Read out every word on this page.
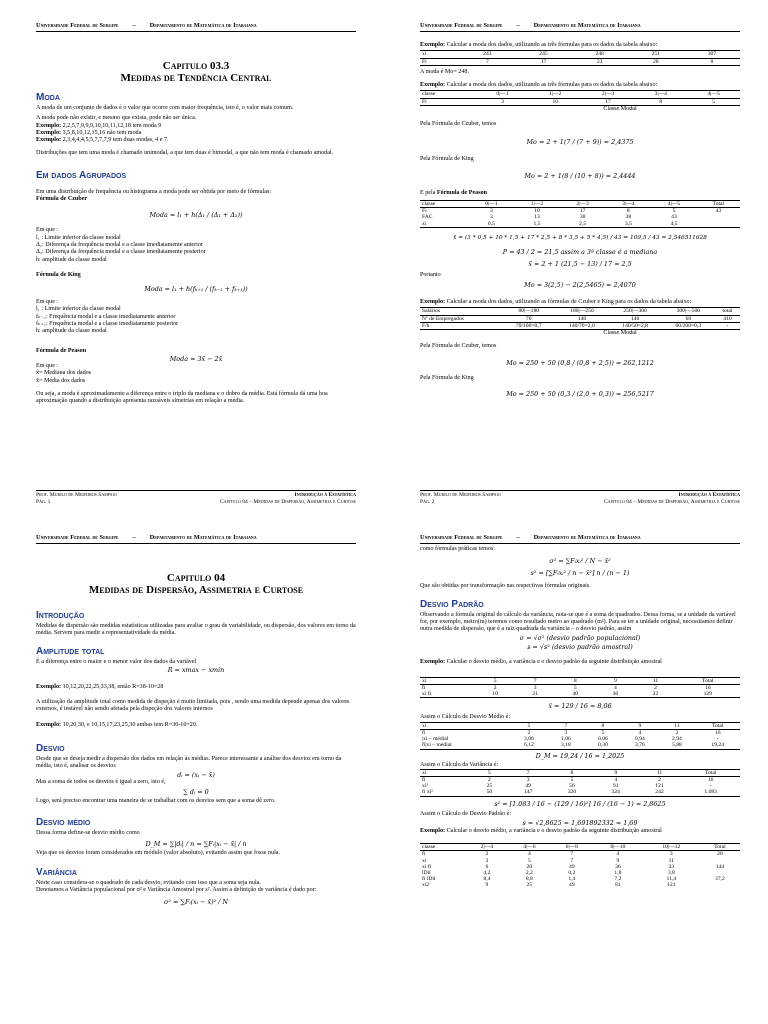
Universidade Federal de Sergipe – Departamento de Matemática de Itabaiana
Capitulo 03.3
Medidas de Tendência Central
Moda

A moda de um conjunto de dados é o valor que ocorre com maior frequência, isto é, o valor mais comum.

A moda pode não existir, e mesmo que exista, pode não ser única.

Exemplo: 2,2,5,7,9,9,9,10,10,11,12,18 tem moda 9

Exemplo: 3,5,8,10,12,15,16 não tem moda

Exemplo: 2,3,4,4,4,5,5,7,7,7,9 tem duas modas, 4 e 7.

Distribuções que tem uma moda é chamado unimodal, a que tem duas é bimodal, a que não tem moda é chamado amodal.

Em dados Agrupados

Em uma distribuição de frequência ou histograma a moda pode ser obtida por meio de fórmulas:

Fórmula de Czuber

Moda = l₁ + h(Δ₁ / (Δ₁ + Δ₂))

Em que :

l₁ : Limite inferior da classe modal

Δ₁: Diferença da frequência modal e a classe imediatamente anterior

Δ₂: Diferença da frequência modal e a classe imediatamente posterior

h: amplitude da classe modal

Fórmula de King

Moda = l₁ + h(fₖ₊₁ / (fₖ₋₁ + fₖ₊₁))

Em que :

l₁ : Limite inferior da classe modal

fₖ₋₁: Frequência modal e a classe imediatamente anterior

fₖ₊₁: Frequência modal e a classe imediatamente posterior

h: amplitude da classe modal

Fórmula de Peason

Moda = 3x̃ − 2x̄

Em que :

x̃= Mediana dos dados

x̄= Média dos dados

Ou seja, a moda é aproximadamente a diferença entre o triplo da mediana e o dobro da média. Está fórmula dá uma boa aproximação quando a distribuição apresenta razoáveis simetrias em relação a média.

Prof. Murilo de Medeiros Sampaio	Introdução à Estatística
Pág. 1	Capitulo 04 – Medidas de Dispersão, Assimetria e Curtose
Universidade Federal de Sergipe – Departamento de Matemática de Itabaiana

Exemplo: Calcular a moda dos dados, utilizando as três fórmulas para os dados da tabela abaixo:

xi	243	245	248	251	307
Fi	7	17	23	20	8

A moda é Mo= 248.

Exemplo: Calcular a moda dos dados, utilizando as três fórmulas para os dados da tabela abaixo:

classe	0|—1	1|—2	2|—3	3|—4	4|—5
Fi	3	10	17	8	5

Classe Modal

Pela Fórmula de Czuber, temos

Mo = 2 + 1(7 / (7 + 9)) = 2,4375

Pela Fórmula de King

Mo = 2 + 1(8 / (10 + 8)) = 2,4444

E pela Fórmula de Peason

classe	0|—1	1|—2	2|—3	3|—4	4|—5	Total
Fi	3	10	17	8	5	43
FAC	3	13	30	38	43	
xi	0,5	1,5	2,5	3,5	4,5	
x̄ = (3 * 0,5 + 10 * 1,5 + 17 * 2,5 + 8 * 3,5 + 5 * 4,5) / 43 = 109,5 / 43 = 2,546511628
P = 43 / 2 = 21,5 assim a 3ª classe é a mediana
x̃ = 2 + 1 (21,5 − 13) / 17 = 2,5

Portanto

Mo = 3(2,5) − 2(2,5465) = 2,4070

Exemplo: Calcular a moda dos dados, utilizando as fórmulas de Czuber e King para os dados da tabela abaixo:

Salários	80|—180	180|—250	250|—300	300|—500	total
Nº de Empregados	70	140	140	60	410
F/h	70/100=0,7	140/70=2,0	140/50=2,8	60/200=0,3	-

Classe Modal

Pela Fórmula de Czuber, temos

Mo = 250 + 50 (0,8 / (0,8 + 2,5)) = 262,1212

Pela Fórmula de King

Mo = 250 + 50 (0,3 / (2,0 + 0,3)) = 256,5217
Prof. Murilo de Medeiros Sampaio	Introdução à Estatística
Pág. 2	Capitulo 04 – Medidas de Dispersão, Assimetria e Curtose
Universidade Federal de Sergipe – Departamento de Matemática de Itabaiana
Capitulo 04
Medidas de Dispersão, Assimetria e Curtose
Introdução

Medidas de dispersão são medidas estatísticas utilizadas para avaliar o grau de variabilidade, ou dispersão, dos valores em torno da média. Servem para medir a representatividade da média.

Amplitude total

É a diferença entre o maior e o menor valor dos dados da variável

R = xmax − xmin

Exemplo: 10,12,20,22,25,33,38, então R=38-10=28

A utilização da amplitude total como medida de dispeção é muito limitada, pois , sendo uma medida depende apenas dos valores externos, é instável não sendo afetada pela dispeção dos valores internos

Exemplo: 10,20,30, e 10,15,17,23,25,30 ambas tem R=30-10=20.

Desvio

Desde que se deseja medir a dispersão dos dados em relação às médias. Parece interessante a análise dos desvios em torno da média, isto é, analisar os desvios

dᵢ = (xᵢ − x̄)

Mas a soma de todos os desvios é igual a zero, isto é,

∑ dᵢ = 0

Logo, será preciso encontrar uma maneira de se trabalhar com os desvios sem que a soma dê zero.

Desvio médio

Dessa forma define-se desvio médio como

D_M = ∑|dᵢ| / n = ∑Fᵢ|xᵢ − x̄| / n

Veja que os desvios foram considerados em módulo (valor absoluto), evitando assim que fosse nula.

Variância

Neste caso considera-se o quadrado de cada desvio, evitando com isso que a soma seja nula.

Denotamos a Variância populacional por σ² e Variância Amostral por s². Assim a definição de variância é dado por:

σ² = ∑Fᵢ(xᵢ − x̄)² / N
Universidade Federal de Sergipe – Departamento de Matemática de Itabaiana

como fórmulas práticas temos:

σ² = ∑Fᵢxᵢ² / N − x̄²
s² = [∑Fᵢxᵢ² / n − x̄²] n / (n − 1)

Que são obtidas por transformação nas respectivas fórmulas originais.

Desvio Padrão

Observando a fórmula original do cálculo da variância, nota-se que é a soma de quadrados. Dessa forma, se a unidade da variável for, por exemplo, metro(m) teremos como resultado metro ao quadrado (m²). Para se ter a unidade original, necessitamos definir outra medida de dispersão, que é a raiz quadrada da variância – o desvio padrão, assim

σ = √σ² (desvio padrão populacional)
s = √s² (desvio padrão amostral)

Exemplo: Calcular o desvio médio, a variância e o desvio padrão da seguinte distribuição amostral

xi	5	7	8	9	11	Total
fi	2	3	5	4	2	16
xi fi	10	21	40	36	22	129
x̄ = 129 / 16 = 8,06

Assim o Cálculo de Desvio Médio é:

xi	5	7	8	9	11	Total
fi	2	3	5	4	2	16
|xi – médial	3,06	1,06	0,06	0,94	2,94	-
fi|xi – médial	6,12	3,18	0,30	3,76	5,88	19,24
D_M = 19,24 / 16 = 1,2025

Assim o Cálculo da Variância é:

xi	5	7	8	9	11	Total
fi	2	3	5	4	2	16
xi²	25	49	56	91	121	-
fi xi²	50	147	320	324	242	1.083
s² = [1.083 / 16 − (129 / 16)²] 16 / (16 − 1) = 2,8625

Assim o Cálculo de Desvio Padrão é:

s = √2,8625 = 1,691892332 ≈ 1,69

Exemplo: Calcular o desvio médio, a variância e o desvio padrão da seguinte distribuição amostral

classe	2|—4	4|—6	6|—8	8|—10	10|—12	Total
fi	2	4	7	4	3	20
xi	3	5	7	9	11	
xi fi	6	20	49	36	33	144
lDil	4,2	2,2	0,2	1,8	3,8	
fi lDil	8,4	8,8	1,4	7,2	11,4	37,2
xi2	9	25	49	81	121	
